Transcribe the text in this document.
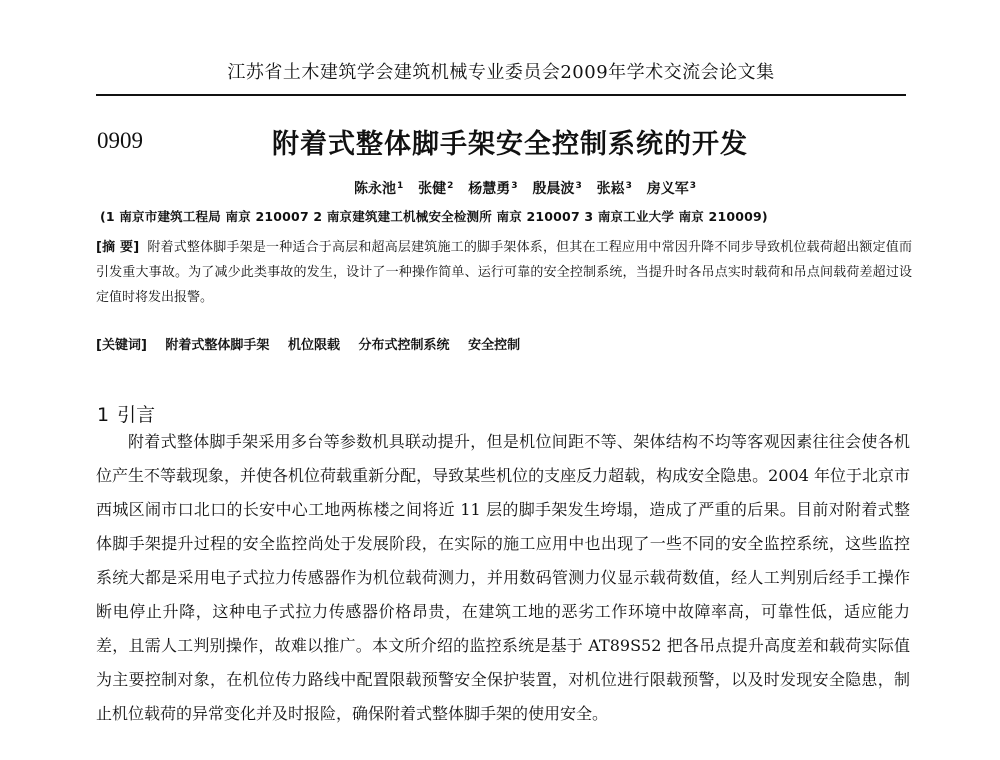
江苏省土木建筑学会建筑机械专业委员会2009年学术交流会论文集
0909	附着式整体脚手架安全控制系统的开发
陈永池$^1$ 张健$^2$ 杨慧勇$^3$ 殷晨波$^3$ 张崧$^3$ 房义军$^3$
(1 南京市建筑工程局 南京 210007 2 南京建筑建工机械安全检测所 南京 210007 3 南京工业大学 南京 210009)
[摘 要] 附着式整体脚手架是一种适合于高层和超高层建筑施工的脚手架体系，但其在工程应用中常因升降不同步导致机位载荷超出额定值而引发重大事故。为了减少此类事故的发生，设计了一种操作简单、运行可靠的安全控制系统，当提升时各吊点实时载荷和吊点间载荷差超过设定值时将发出报警。
[关键词] 附着式整体脚手架 机位限载 分布式控制系统 安全控制
1 引言
附着式整体脚手架采用多台等参数机具联动提升，但是机位间距不等、架体结构不均等客观因素往往会使各机位产生不等载现象，并使各机位荷载重新分配，导致某些机位的支座反力超载，构成安全隐患。2004 年位于北京市西城区闹市口北口的长安中心工地两栋楼之间将近 11 层的脚手架发生垮塌，造成了严重的后果。目前对附着式整体脚手架提升过程的安全监控尚处于发展阶段，在实际的施工应用中也出现了一些不同的安全监控系统，这些监控系统大都是采用电子式拉力传感器作为机位载荷测力，并用数码管测力仪显示载荷数值，经人工判别后经手工操作断电停止升降，这种电子式拉力传感器价格昂贵，在建筑工地的恶劣工作环境中故障率高，可靠性低，适应能力差，且需人工判别操作，故难以推广。本文所介绍的监控系统是基于 AT89S52 把各吊点提升高度差和载荷实际值为主要控制对象，在机位传力路线中配置限载预警安全保护装置，对机位进行限载预警，以及时发现安全隐患，制止机位载荷的异常变化并及时报险，确保附着式整体脚手架的使用安全。
